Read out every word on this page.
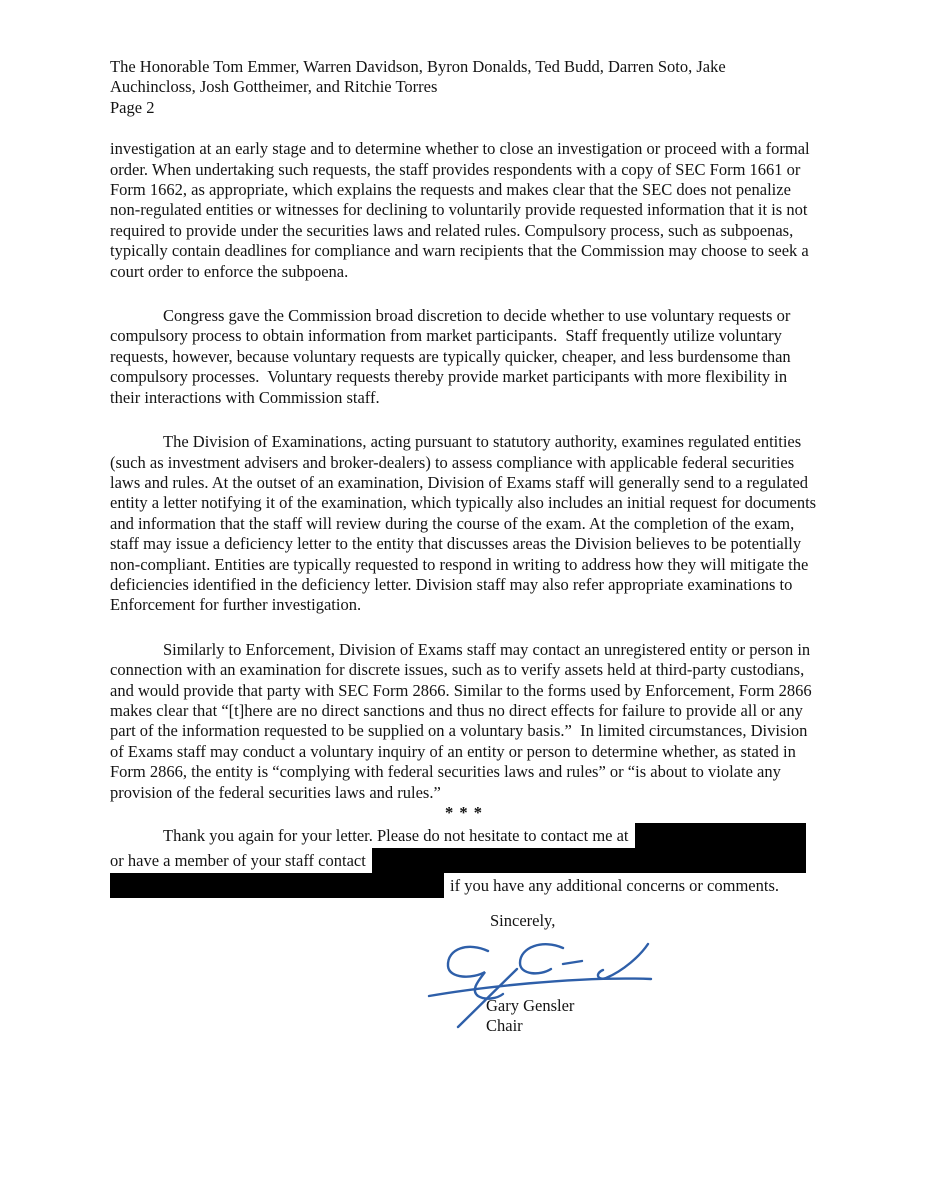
The Honorable Tom Emmer, Warren Davidson, Byron Donalds, Ted Budd, Darren Soto, Jake
Auchincloss, Josh Gottheimer, and Ritchie Torres
Page 2

investigation at an early stage and to determine whether to close an investigation or proceed with a formal order. When undertaking such requests, the staff provides respondents with a copy of SEC Form 1661 or Form 1662, as appropriate, which explains the requests and makes clear that the SEC does not penalize non-regulated entities or witnesses for declining to voluntarily provide requested information that it is not required to provide under the securities laws and related rules. Compulsory process, such as subpoenas, typically contain deadlines for compliance and warn recipients that the Commission may choose to seek a court order to enforce the subpoena.

Congress gave the Commission broad discretion to decide whether to use voluntary requests or compulsory process to obtain information from market participants.  Staff frequently utilize voluntary requests, however, because voluntary requests are typically quicker, cheaper, and less burdensome than compulsory processes.  Voluntary requests thereby provide market participants with more flexibility in their interactions with Commission staff.

The Division of Examinations, acting pursuant to statutory authority, examines regulated entities (such as investment advisers and broker-dealers) to assess compliance with applicable federal securities laws and rules. At the outset of an examination, Division of Exams staff will generally send to a regulated entity a letter notifying it of the examination, which typically also includes an initial request for documents and information that the staff will review during the course of the exam. At the completion of the exam, staff may issue a deficiency letter to the entity that discusses areas the Division believes to be potentially non-compliant. Entities are typically requested to respond in writing to address how they will mitigate the deficiencies identified in the deficiency letter. Division staff may also refer appropriate examinations to Enforcement for further investigation.

Similarly to Enforcement, Division of Exams staff may contact an unregistered entity or person in connection with an examination for discrete issues, such as to verify assets held at third-party custodians, and would provide that party with SEC Form 2866. Similar to the forms used by Enforcement, Form 2866 makes clear that “[t]here are no direct sanctions and thus no direct effects for failure to provide all or any part of the information requested to be supplied on a voluntary basis.”  In limited circumstances, Division of Exams staff may conduct a voluntary inquiry of an entity or person to determine whether, as stated in Form 2866, the entity is “complying with federal securities laws and rules” or “is about to violate any provision of the federal securities laws and rules.”

* * *
Thank you again for your letter. Please do not hesitate to contact me at
or have a member of your staff contact
if you have any additional concerns or comments.
Sincerely,
Gary Gensler
Chair
